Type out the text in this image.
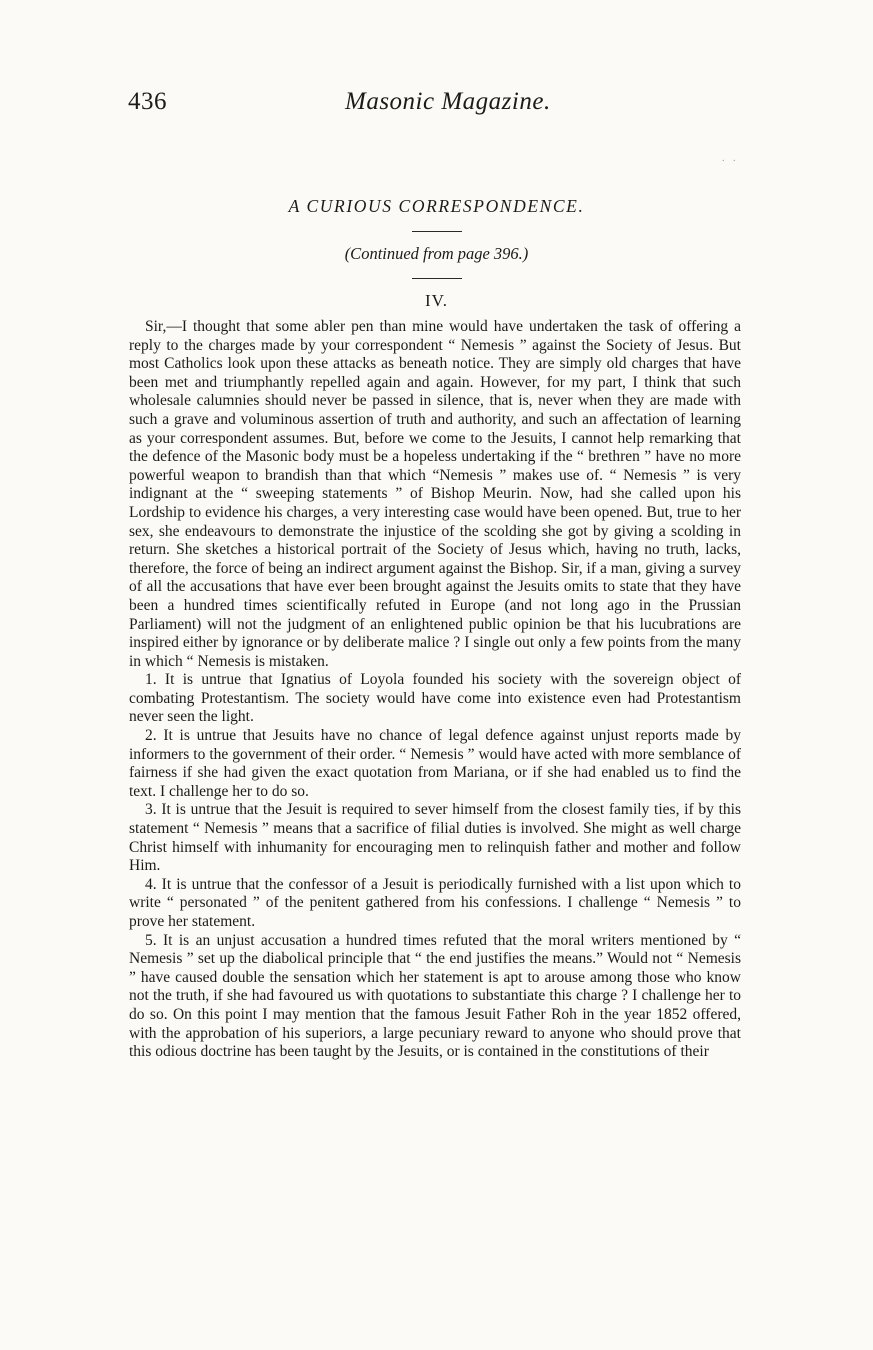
436	Masonic Magazine.
. .
A CURIOUS CORRESPONDENCE.
(Continued from page 396.)
IV.

Sir,—I thought that some abler pen than mine would have undertaken the task of offering a reply to the charges made by your correspondent “ Nemesis ” against the Society of Jesus. But most Catholics look upon these attacks as beneath notice. They are simply old charges that have been met and triumphantly repelled again and again. However, for my part, I think that such wholesale calumnies should never be passed in silence, that is, never when they are made with such a grave and voluminous assertion of truth and authority, and such an affectation of learning as your correspondent assumes. But, before we come to the Jesuits, I cannot help remarking that the defence of the Masonic body must be a hopeless undertaking if the “ brethren ” have no more powerful weapon to brandish than that which “Nemesis ” makes use of. “ Nemesis ” is very indignant at the “ sweeping statements ” of Bishop Meurin. Now, had she called upon his Lordship to evidence his charges, a very interesting case would have been opened. But, true to her sex, she endeavours to demonstrate the injustice of the scolding she got by giving a scolding in return. She sketches a historical portrait of the Society of Jesus which, having no truth, lacks, therefore, the force of being an indirect argument against the Bishop. Sir, if a man, giving a survey of all the accusations that have ever been brought against the Jesuits omits to state that they have been a hundred times scientifically refuted in Europe (and not long ago in the Prussian Parliament) will not the judgment of an enlightened public opinion be that his lucubrations are inspired either by ignorance or by deliberate malice ? I single out only a few points from the many in which “ Nemesis is mistaken.

1. It is untrue that Ignatius of Loyola founded his society with the sovereign object of combating Protestantism. The society would have come into existence even had Protestantism never seen the light.

2. It is untrue that Jesuits have no chance of legal defence against unjust reports made by informers to the government of their order. “ Nemesis ” would have acted with more semblance of fairness if she had given the exact quotation from Mariana, or if she had enabled us to find the text. I challenge her to do so.

3. It is untrue that the Jesuit is required to sever himself from the closest family ties, if by this statement “ Nemesis ” means that a sacrifice of filial duties is involved. She might as well charge Christ himself with inhumanity for encouraging men to relinquish father and mother and follow Him.

4. It is untrue that the confessor of a Jesuit is periodically furnished with a list upon which to write “ personated ” of the penitent gathered from his confessions. I challenge “ Nemesis ” to prove her statement.

5. It is an unjust accusation a hundred times refuted that the moral writers mentioned by “ Nemesis ” set up the diabolical principle that “ the end justifies the means.” Would not “ Nemesis ” have caused double the sensation which her statement is apt to arouse among those who know not the truth, if she had favoured us with quotations to substantiate this charge ? I challenge her to do so. On this point I may mention that the famous Jesuit Father Roh in the year 1852 offered, with the approbation of his superiors, a large pecuniary reward to anyone who should prove that this odious doctrine has been taught by the Jesuits, or is contained in the constitutions of their
